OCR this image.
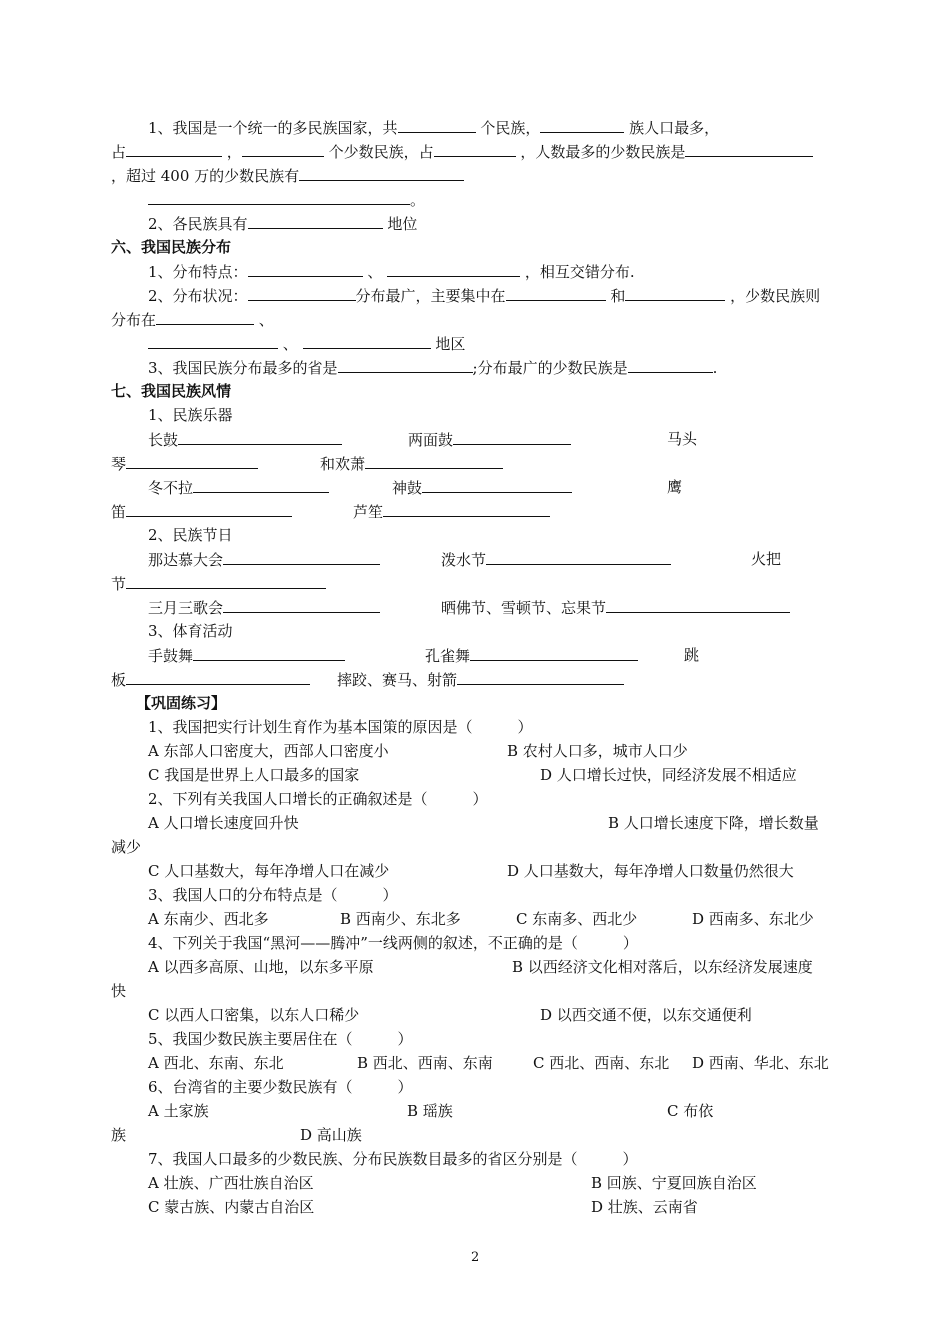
1、我国是一个统一的多民族国家，共	个民族，	族人口最多，
占	，	个少数民族，占	，人数最多的少数民族是
，超过 400 万的少数民族有
。
2、各民族具有	地位
六、我国民族分布
1、分布特点：	、	，相互交错分布.
2、分布状况：	分布最广，主要集中在	和	，少数民族则
分布在	、
、	地区
3、我国民族分布最多的省是	;分布最广的少数民族是	.
七、我国民族风情
1、民族乐器
长鼓	两面鼓	马头
琴	和欢萧
冬不拉	神鼓	鹰
笛	芦笙
2、民族节日
那达慕大会	泼水节	火把
节
三月三歌会	晒佛节、雪顿节、忘果节
3、体育活动
手鼓舞	孔雀舞	跳
板	摔跤、赛马、射箭
【巩固练习】
1、我国把实行计划生育作为基本国策的原因是（　　　）
A 东部人口密度大，西部人口密度小	B 农村人口多，城市人口少
C 我国是世界上人口最多的国家	D 人口增长过快，同经济发展不相适应
2、下列有关我国人口增长的正确叙述是（　　　）
A 人口增长速度回升快	B 人口增长速度下降，增长数量
减少
C 人口基数大，每年净增人口在减少	D 人口基数大，每年净增人口数量仍然很大
3、我国人口的分布特点是（　　　）
A 东南少、西北多	B 西南少、东北多	C 东南多、西北少	D 西南多、东北少
4、下列关于我国“黑河——腾冲”一线两侧的叙述，不正确的是（　　　）
A 以西多高原、山地，以东多平原	B 以西经济文化相对落后，以东经济发展速度
快
C 以西人口密集，以东人口稀少	D 以西交通不便，以东交通便利
5、我国少数民族主要居住在（　　　）
A 西北、东南、东北	B 西北、西南、东南	C 西北、西南、东北 D 西南、华北、东北
6、台湾省的主要少数民族有（　　　）
A 土家族	B 瑶族	C 布依
族	D 高山族
7、我国人口最多的少数民族、分布民族数目最多的省区分别是（　　　）
A 壮族、广西壮族自治区	B 回族、宁夏回族自治区
C 蒙古族、内蒙古自治区	D 壮族、云南省
2
